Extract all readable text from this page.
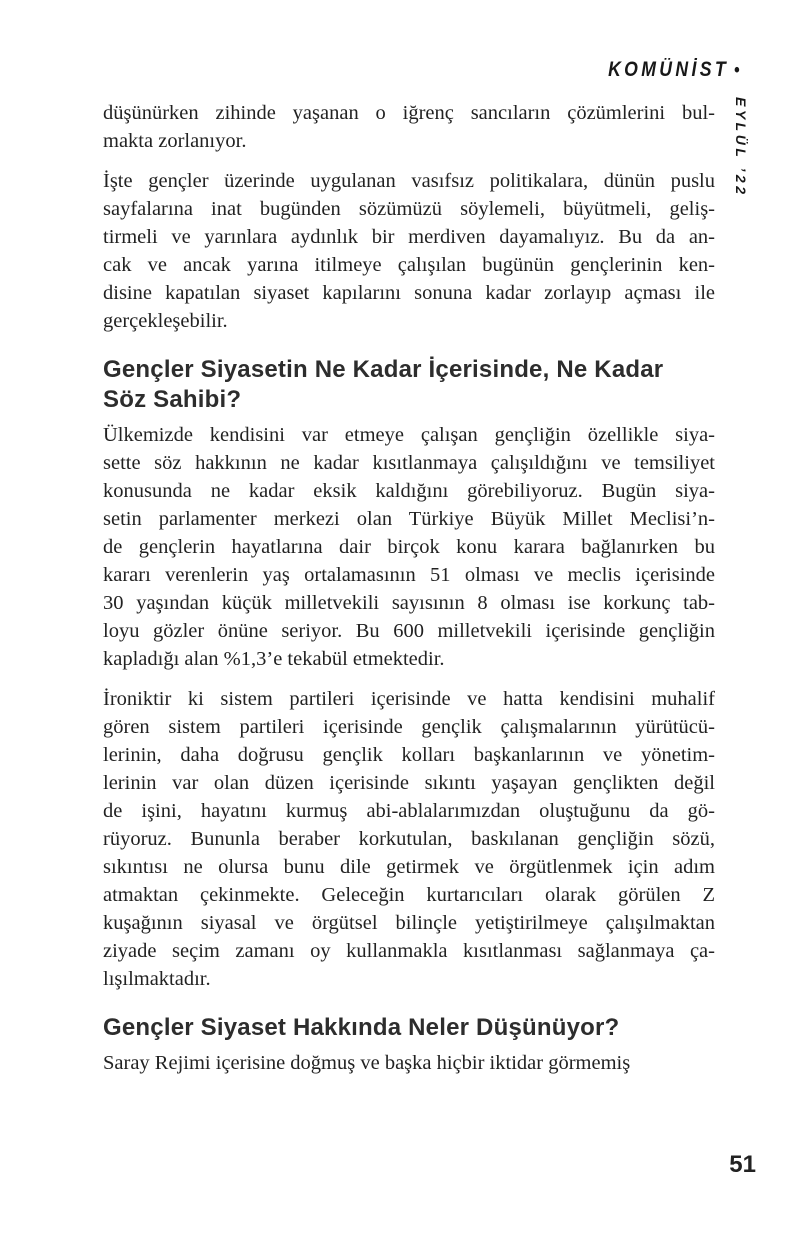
KOMÜNİST •
EYLÜL ’22
düşünürken zihinde yaşanan o iğrenç sancıların çözümlerini bul-
makta zorlanıyor.
İşte gençler üzerinde uygulanan vasıfsız politikalara, dünün puslu
sayfalarına inat bugünden sözümüzü söylemeli, büyütmeli, geliş-
tirmeli ve yarınlara aydınlık bir merdiven dayamalıyız. Bu da an-
cak ve ancak yarına itilmeye çalışılan bugünün gençlerinin ken-
disine kapatılan siyaset kapılarını sonuna kadar zorlayıp açması ile
gerçekleşebilir.
Gençler Siyasetin Ne Kadar İçerisinde, Ne Kadar
Söz Sahibi?
Ülkemizde kendisini var etmeye çalışan gençliğin özellikle siya-
sette söz hakkının ne kadar kısıtlanmaya çalışıldığını ve temsiliyet
konusunda ne kadar eksik kaldığını görebiliyoruz. Bugün siya-
setin parlamenter merkezi olan Türkiye Büyük Millet Meclisi’n-
de gençlerin hayatlarına dair birçok konu karara bağlanırken bu
kararı verenlerin yaş ortalamasının 51 olması ve meclis içerisinde
30 yaşından küçük milletvekili sayısının 8 olması ise korkunç tab-
loyu gözler önüne seriyor. Bu 600 milletvekili içerisinde gençliğin
kapladığı alan %1,3’e tekabül etmektedir.
İroniktir ki sistem partileri içerisinde ve hatta kendisini muhalif
gören sistem partileri içerisinde gençlik çalışmalarının yürütücü-
lerinin, daha doğrusu gençlik kolları başkanlarının ve yönetim-
lerinin var olan düzen içerisinde sıkıntı yaşayan gençlikten değil
de işini, hayatını kurmuş abi-ablalarımızdan oluştuğunu da gö-
rüyoruz. Bununla beraber korkutulan, baskılanan gençliğin sözü,
sıkıntısı ne olursa bunu dile getirmek ve örgütlenmek için adım
atmaktan çekinmekte. Geleceğin kurtarıcıları olarak görülen Z
kuşağının siyasal ve örgütsel bilinçle yetiştirilmeye çalışılmaktan
ziyade seçim zamanı oy kullanmakla kısıtlanması sağlanmaya ça-
lışılmaktadır.
Gençler Siyaset Hakkında Neler Düşünüyor?
Saray Rejimi içerisine doğmuş ve başka hiçbir iktidar görmemiş
51
